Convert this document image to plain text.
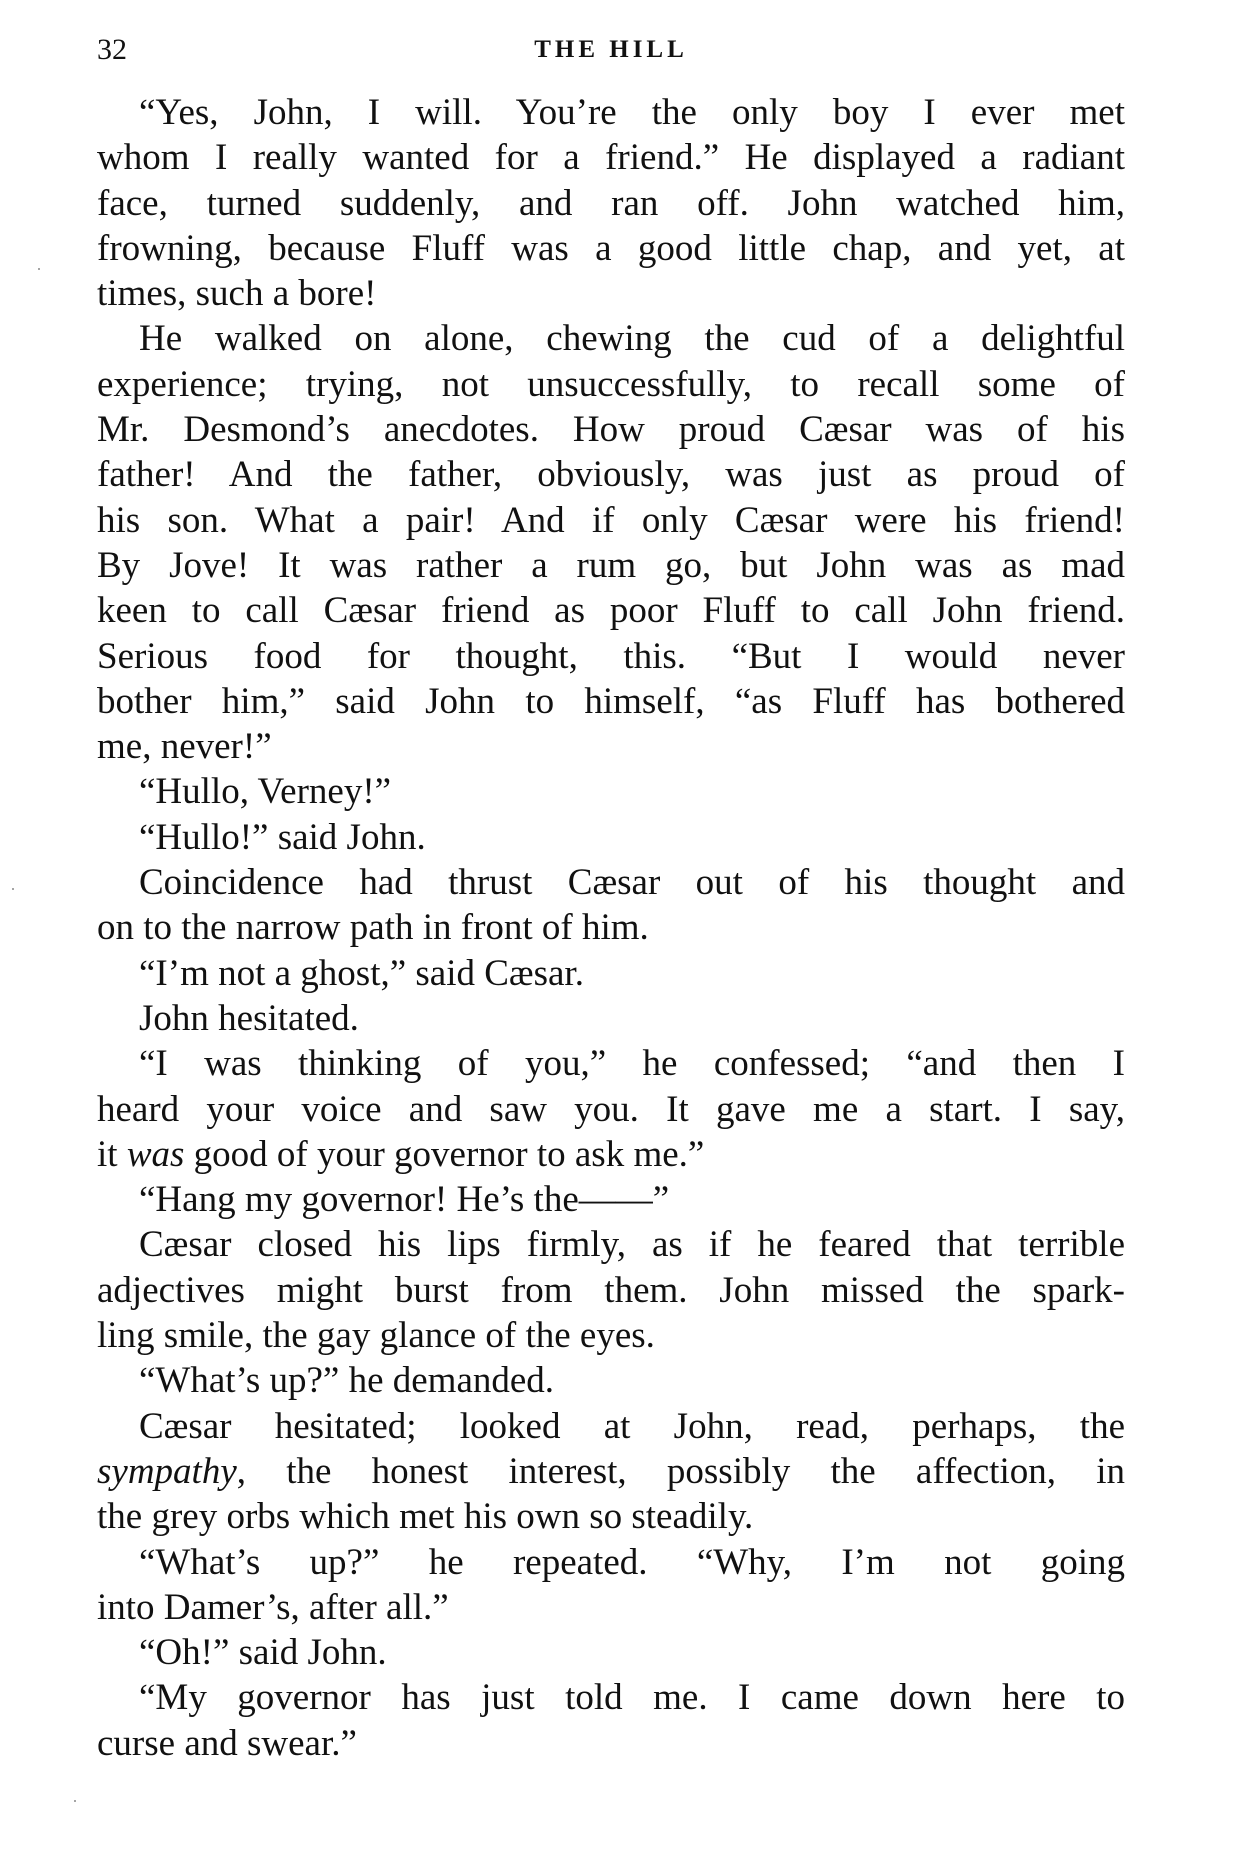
32	THE HILL
“Yes, John, I will. You’re the only boy I ever met
whom I really wanted for a friend.” He displayed a radiant
face, turned suddenly, and ran off. John watched him,
frowning, because Fluff was a good little chap, and yet, at
times, such a bore!
He walked on alone, chewing the cud of a delightful
experience; trying, not unsuccessfully, to recall some of
Mr. Desmond’s anecdotes. How proud Cæsar was of his
father! And the father, obviously, was just as proud of
his son. What a pair! And if only Cæsar were his friend!
By Jove! It was rather a rum go, but John was as mad
keen to call Cæsar friend as poor Fluff to call John friend.
Serious food for thought, this. “But I would never
bother him,” said John to himself, “as Fluff has bothered
me, never!”
“Hullo, Verney!”
“Hullo!” said John.
Coincidence had thrust Cæsar out of his thought and
on to the narrow path in front of him.
“I’m not a ghost,” said Cæsar.
John hesitated.
“I was thinking of you,” he confessed; “and then I
heard your voice and saw you. It gave me a start. I say,
it was good of your governor to ask me.”
“Hang my governor! He’s the——”
Cæsar closed his lips firmly, as if he feared that terrible
adjectives might burst from them. John missed the spark-
ling smile, the gay glance of the eyes.
“What’s up?” he demanded.
Cæsar hesitated; looked at John, read, perhaps, the
sympathy, the honest interest, possibly the affection, in
the grey orbs which met his own so steadily.
“What’s up?” he repeated. “Why, I’m not going
into Damer’s, after all.”
“Oh!” said John.
“My governor has just told me. I came down here to
curse and swear.”
